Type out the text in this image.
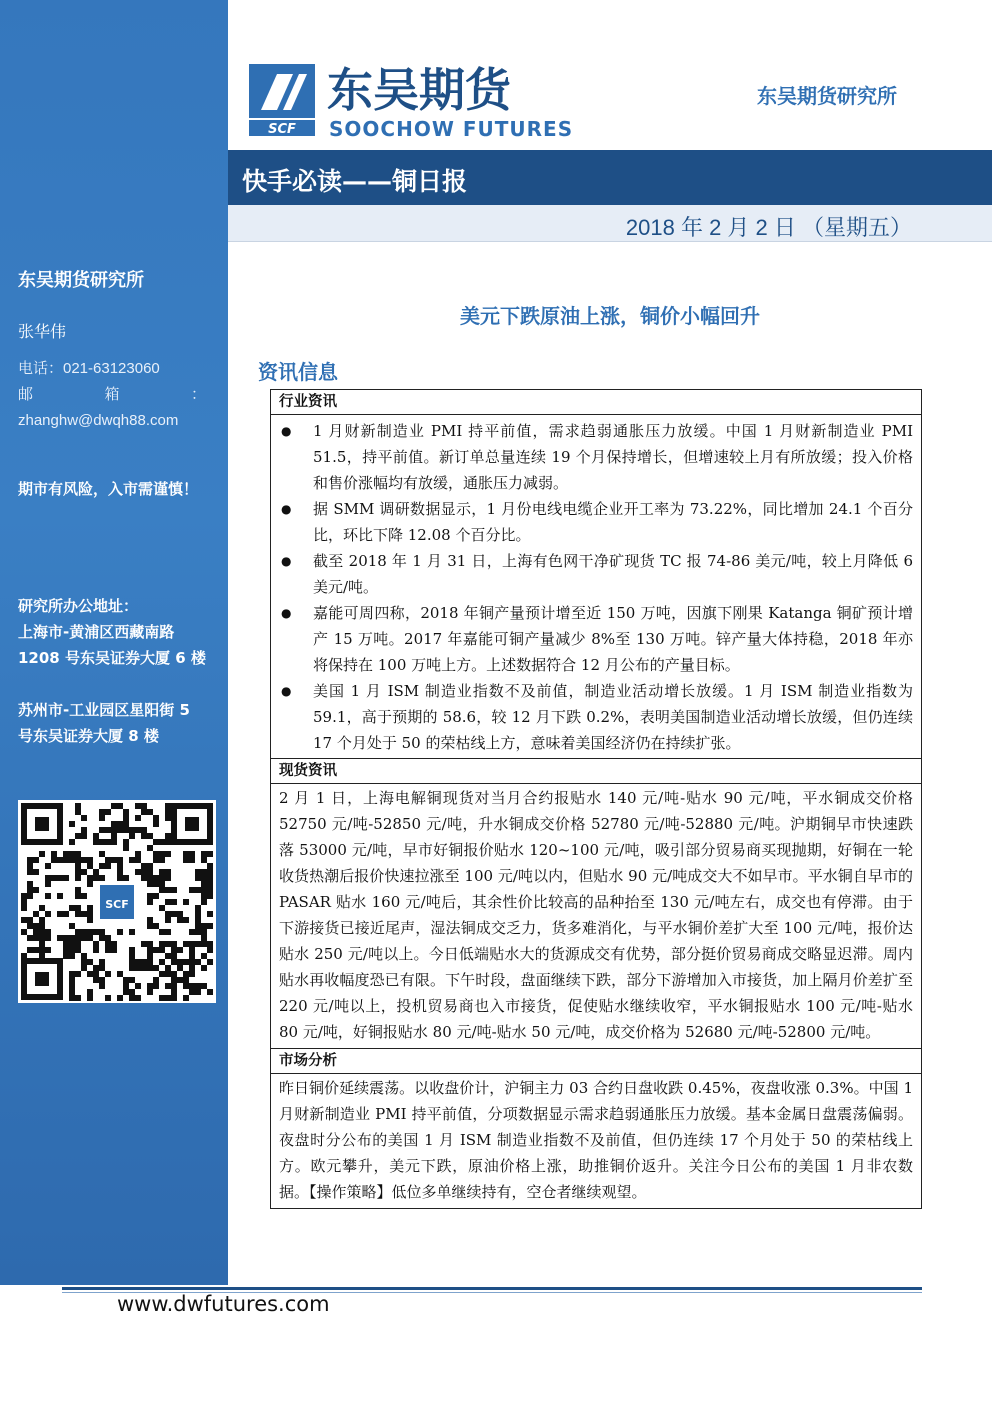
东吴期货研究所
张华伟
电话：021-63123060
邮	箱	：
zhanghw@dwqh88.com
期市有风险，入市需谨慎！
研究所办公地址：
上海市-黄浦区西藏南路
1208 号东吴证券大厦 6 楼
苏州市-工业园区星阳街 5
号东吴证券大厦 8 楼
SCF
SCF
东吴期货
SOOCHOW FUTURES
东吴期货研究所
快手必读——铜日报
2018 年 2 月 2 日 （星期五）
美元下跌原油上涨，铜价小幅回升
资讯信息
行业资讯

●	1 月财新制造业 PMI 持平前值，需求趋弱通胀压力放缓。中国 1 月财新制造业 PMI 51.5，持平前值。新订单总量连续 19 个月保持增长，但增速较上月有所放缓；投入价格和售价涨幅均有放缓，通胀压力减弱。
●	据 SMM 调研数据显示，1 月份电线电缆企业开工率为 73.22%，同比增加 24.1 个百分比，环比下降 12.08 个百分比。
●	截至 2018 年 1 月 31 日，上海有色网干净矿现货 TC 报 74-86 美元/吨，较上月降低 6 美元/吨。
●	嘉能可周四称，2018 年铜产量预计增至近 150 万吨，因旗下刚果 Katanga 铜矿预计增产 15 万吨。2017 年嘉能可铜产量减少 8%至 130 万吨。锌产量大体持稳，2018 年亦将保持在 100 万吨上方。上述数据符合 12 月公布的产量目标。
●	美国 1 月 ISM 制造业指数不及前值，制造业活动增长放缓。1 月 ISM 制造业指数为 59.1，高于预期的 58.6，较 12 月下跌 0.2%，表明美国制造业活动增长放缓，但仍连续 17 个月处于 50 的荣枯线上方，意味着美国经济仍在持续扩张。

现货资讯

2 月 1 日，上海电解铜现货对当月合约报贴水 140 元/吨-贴水 90 元/吨，平水铜成交价格 52750 元/吨-52850 元/吨，升水铜成交价格 52780 元/吨-52880 元/吨。沪期铜早市快速跌落 53000 元/吨，早市好铜报价贴水 120~100 元/吨，吸引部分贸易商买现抛期，好铜在一轮收货热潮后报价快速拉涨至 100 元/吨以内，但贴水 90 元/吨成交大不如早市。平水铜自早市的 PASAR 贴水 160 元/吨后，其余性价比较高的品种抬至 130 元/吨左右，成交也有停滞。由于下游接货已接近尾声，湿法铜成交乏力，货多难消化，与平水铜价差扩大至 100 元/吨，报价达贴水 250 元/吨以上。今日低端贴水大的货源成交有优势，部分挺价贸易商成交略显迟滞。周内贴水再收幅度恐已有限。下午时段，盘面继续下跌，部分下游增加入市接货，加上隔月价差扩至 220 元/吨以上，投机贸易商也入市接货，促使贴水继续收窄，平水铜报贴水 100 元/吨-贴水 80 元/吨，好铜报贴水 80 元/吨-贴水 50 元/吨，成交价格为 52680 元/吨-52800 元/吨。

市场分析

昨日铜价延续震荡。以收盘价计，沪铜主力 03 合约日盘收跌 0.45%，夜盘收涨 0.3%。中国 1 月财新制造业 PMI 持平前值，分项数据显示需求趋弱通胀压力放缓。基本金属日盘震荡偏弱。夜盘时分公布的美国 1 月 ISM 制造业指数不及前值，但仍连续 17 个月处于 50 的荣枯线上方。欧元攀升，美元下跌，原油价格上涨，助推铜价返升。关注今日公布的美国 1 月非农数据。【操作策略】低位多单继续持有，空仓者继续观望。
www.dwfutures.com
